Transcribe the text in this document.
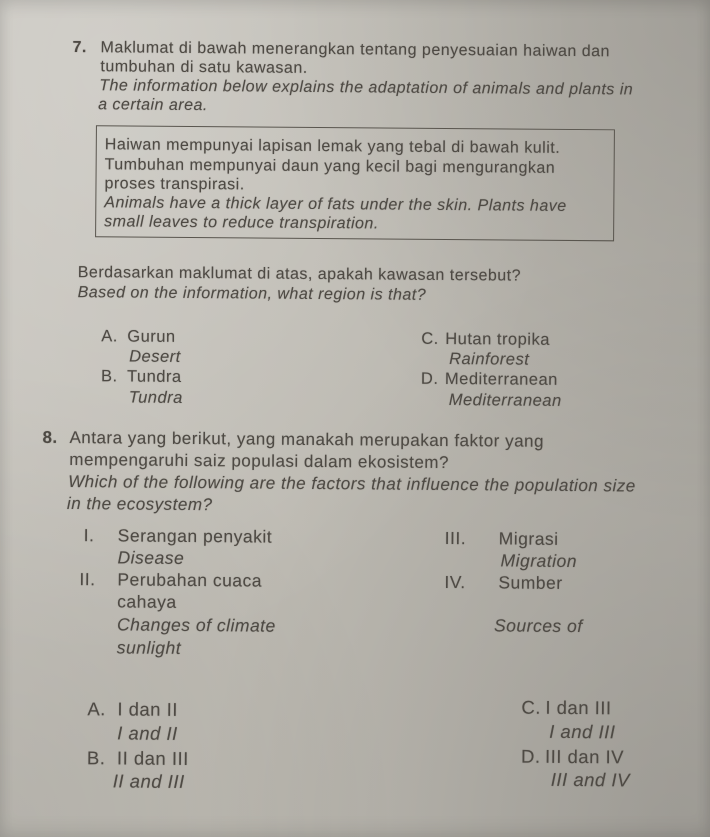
7. Maklumat di bawah menerangkan tentang penyesuaian haiwan dan
tumbuhan di satu kawasan.
The information below explains the adaptation of animals and plants in
a certain area.
Haiwan mempunyai lapisan lemak yang tebal di bawah kulit.
Tumbuhan mempunyai daun yang kecil bagi mengurangkan
proses transpirasi.
Animals have a thick layer of fats under the skin. Plants have
small leaves to reduce transpiration.
Berdasarkan maklumat di atas, apakah kawasan tersebut?
Based on the information, what region is that?
A. Gurun
Desert
B. Tundra
Tundra
C. Hutan tropika
Rainforest
D. Mediterranean
Mediterranean
8. Antara yang berikut, yang manakah merupakan faktor yang
mempengaruhi saiz populasi dalam ekosistem?
Which of the following are the factors that influence the population size
in the ecosystem?
I. Serangan penyakit
Disease
II. Perubahan cuaca
cahaya
Changes of climate
sunlight
III. Migrasi
Migration
IV. Sumber
Sources of
A. I dan II
I and II
B. II dan III
II and III
C. I dan III
I and III
D. III dan IV
III and IV
